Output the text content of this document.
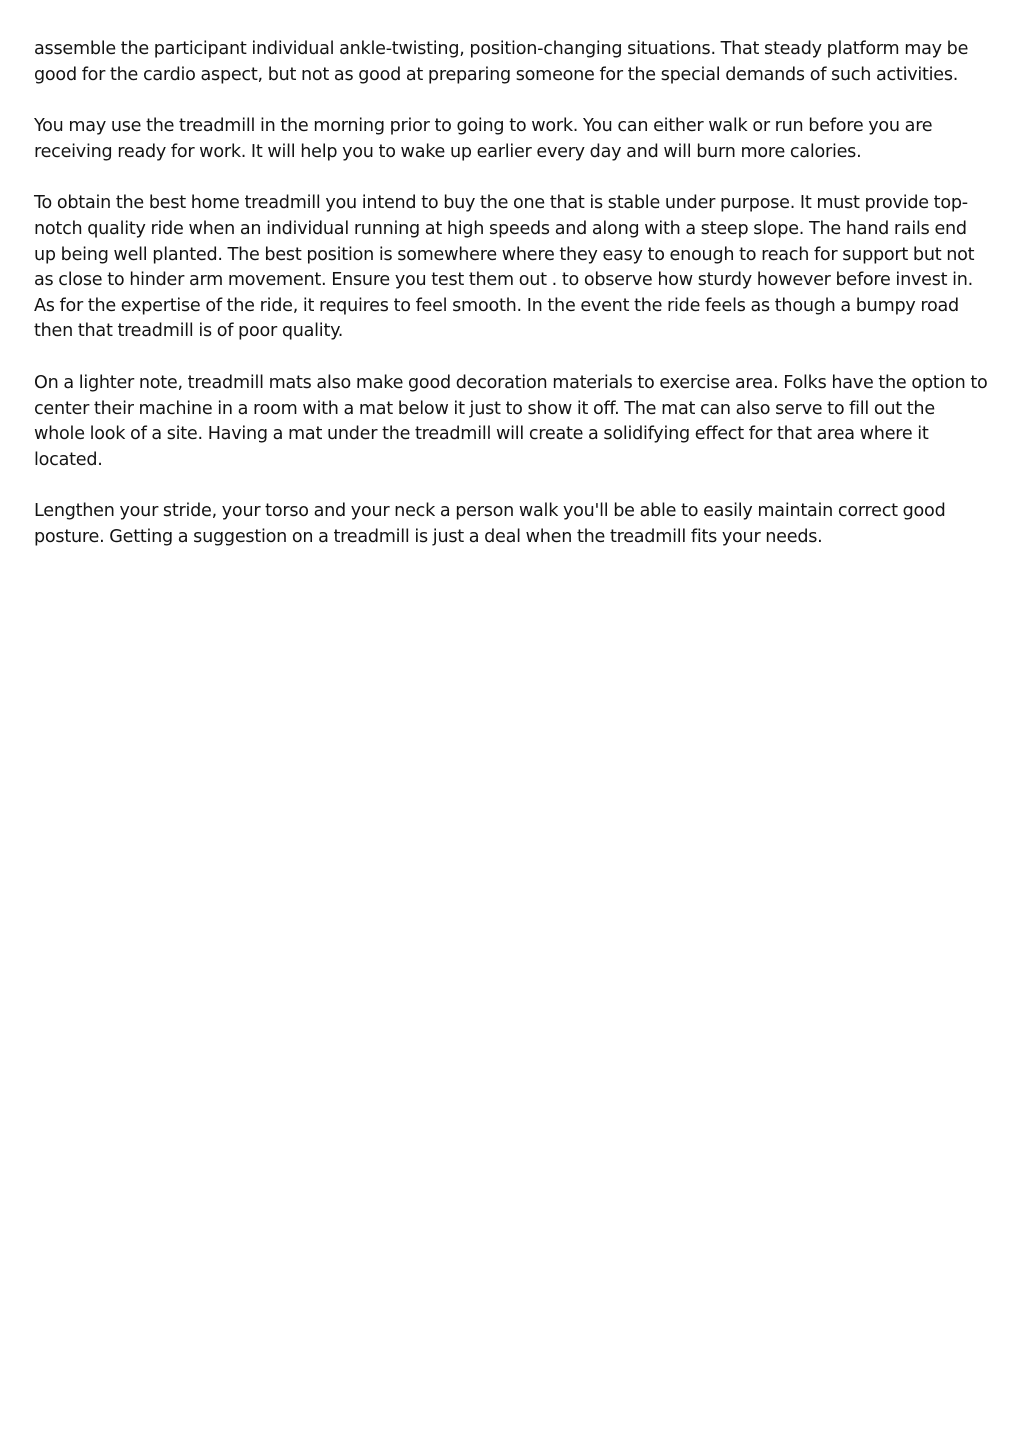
assemble the participant individual ankle-twisting, position-changing situations. That steady platform may be good for the cardio aspect, but not as good at preparing someone for the special demands of such activities.

You may use the treadmill in the morning prior to going to work. You can either walk or run before you are receiving ready for work. It will help you to wake up earlier every day and will burn more calories.

To obtain the best home treadmill you intend to buy the one that is stable under purpose. It must provide top-notch quality ride when an individual running at high speeds and along with a steep slope. The hand rails end up being well planted. The best position is somewhere where they easy to enough to reach for support but not as close to hinder arm movement. Ensure you test them out . to observe how sturdy however before invest in. As for the expertise of the ride, it requires to feel smooth. In the event the ride feels as though a bumpy road then that treadmill is of poor quality.

On a lighter note, treadmill mats also make good decoration materials to exercise area. Folks have the option to center their machine in a room with a mat below it just to show it off. The mat can also serve to fill out the whole look of a site. Having a mat under the treadmill will create a solidifying effect for that area where it located.

Lengthen your stride, your torso and your neck a person walk you'll be able to easily maintain correct good posture. Getting a suggestion on a treadmill is just a deal when the treadmill fits your needs.
